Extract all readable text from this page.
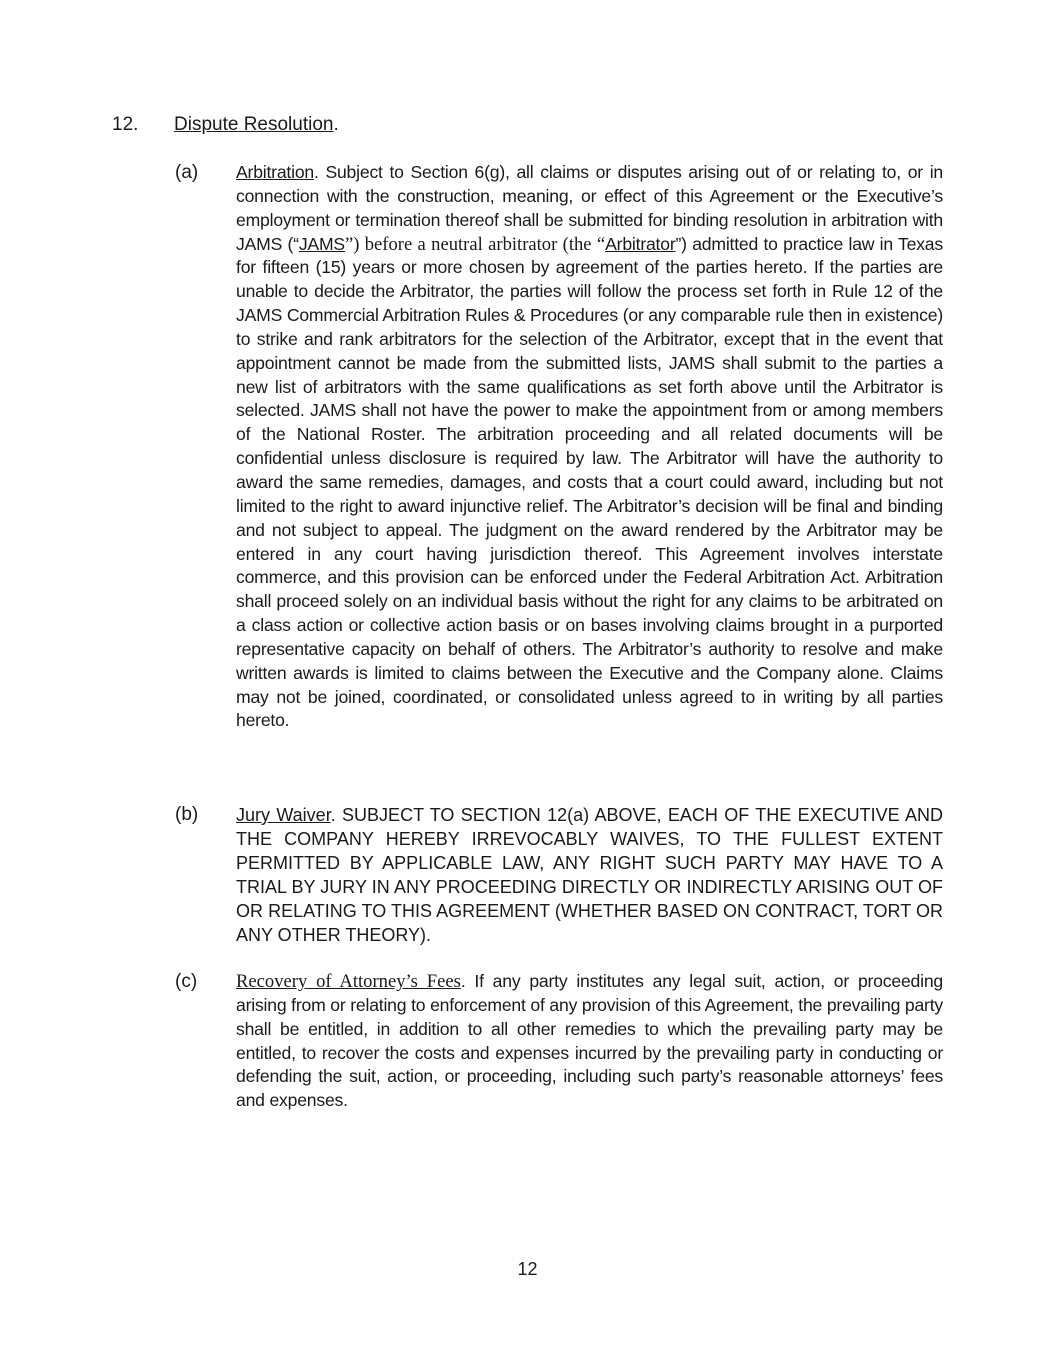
12. Dispute Resolution.
(a) Arbitration. Subject to Section 6(g), all claims or disputes arising out of or relating to, or in connection with the construction, meaning, or effect of this Agreement or the Executive’s employment or termination thereof shall be submitted for binding resolution in arbitration with JAMS (“JAMS”) before a neutral arbitrator (the “Arbitrator”) admitted to practice law in Texas for fifteen (15) years or more chosen by agreement of the parties hereto. If the parties are unable to decide the Arbitrator, the parties will follow the process set forth in Rule 12 of the JAMS Commercial Arbitration Rules & Procedures (or any comparable rule then in existence) to strike and rank arbitrators for the selection of the Arbitrator, except that in the event that appointment cannot be made from the submitted lists, JAMS shall submit to the parties a new list of arbitrators with the same qualifications as set forth above until the Arbitrator is selected. JAMS shall not have the power to make the appointment from or among members of the National Roster. The arbitration proceeding and all related documents will be confidential unless disclosure is required by law. The Arbitrator will have the authority to award the same remedies, damages, and costs that a court could award, including but not limited to the right to award injunctive relief. The Arbitrator’s decision will be final and binding and not subject to appeal. The judgment on the award rendered by the Arbitrator may be entered in any court having jurisdiction thereof. This Agreement involves interstate commerce, and this provision can be enforced under the Federal Arbitration Act. Arbitration shall proceed solely on an individual basis without the right for any claims to be arbitrated on a class action or collective action basis or on bases involving claims brought in a purported representative capacity on behalf of others. The Arbitrator’s authority to resolve and make written awards is limited to claims between the Executive and the Company alone. Claims may not be joined, coordinated, or consolidated unless agreed to in writing by all parties hereto.
(b) Jury Waiver. SUBJECT TO SECTION 12(a) ABOVE, EACH OF THE EXECUTIVE AND THE COMPANY HEREBY IRREVOCABLY WAIVES, TO THE FULLEST EXTENT PERMITTED BY APPLICABLE LAW, ANY RIGHT SUCH PARTY MAY HAVE TO A TRIAL BY JURY IN ANY PROCEEDING DIRECTLY OR INDIRECTLY ARISING OUT OF OR RELATING TO THIS AGREEMENT (WHETHER BASED ON CONTRACT, TORT OR ANY OTHER THEORY).
(c) Recovery of Attorney’s Fees. If any party institutes any legal suit, action, or proceeding arising from or relating to enforcement of any provision of this Agreement, the prevailing party shall be entitled, in addition to all other remedies to which the prevailing party may be entitled, to recover the costs and expenses incurred by the prevailing party in conducting or defending the suit, action, or proceeding, including such party’s reasonable attorneys’ fees and expenses.
12
